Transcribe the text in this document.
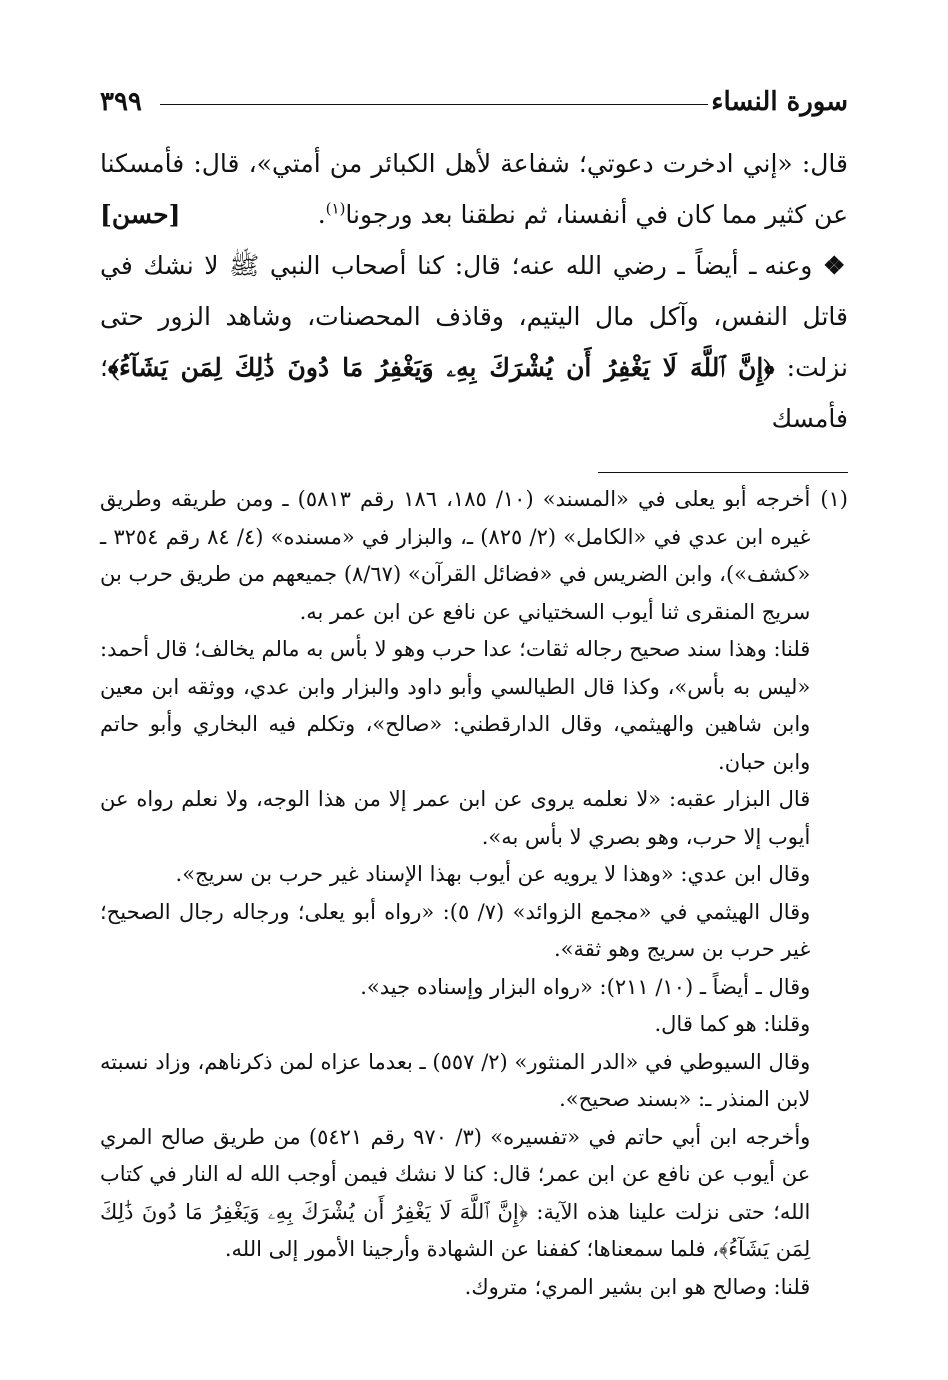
سورة النساء
٣٩٩

قال: «إني ادخرت دعوتي؛ شفاعة لأهل الكبائر من أمتي»، قال: فأمسكنا عن كثير مما كان في أنفسنا، ثم نطقنا بعد ورجونا$^{(١)}$.
[حسن]

❖ وعنه ـ أيضاً ـ رضي الله عنه؛ قال: كنا أصحاب النبي ﷺ لا نشك في قاتل النفس، وآكل مال اليتيم، وقاذف المحصنات، وشاهد الزور حتى نزلت: ﴿إِنَّ ٱللَّهَ لَا يَغْفِرُ أَن يُشْرَكَ بِهِۦ وَيَغْفِرُ مَا دُونَ ذَٰلِكَ لِمَن يَشَآءُ﴾؛ فأمسك

(١)

أخرجه أبو يعلى في «المسند» (١٠/ ١٨٥، ١٨٦ رقم ٥٨١٣) ـ ومن طريقه وطريق غيره ابن عدي في «الكامل» (٢/ ٨٢٥) ـ، والبزار في «مسنده» (٤/ ٨٤ رقم ٣٢٥٤ ـ «كشف»)، وابن الضريس في «فضائل القرآن» (٨/٦٧) جميعهم من طريق حرب بن سريج المنقرى ثنا أيوب السختياني عن نافع عن ابن عمر به.

قلنا: وهذا سند صحيح رجاله ثقات؛ عدا حرب وهو لا بأس به مالم يخالف؛ قال أحمد: «ليس به بأس»، وكذا قال الطيالسي وأبو داود والبزار وابن عدي، ووثقه ابن معين وابن شاهين والهيثمي، وقال الدارقطني: «صالح»، وتكلم فيه البخاري وأبو حاتم وابن حبان.

قال البزار عقبه: «لا نعلمه يروى عن ابن عمر إلا من هذا الوجه، ولا نعلم رواه عن أيوب إلا حرب، وهو بصري لا بأس به».

وقال ابن عدي: «وهذا لا يرويه عن أيوب بهذا الإسناد غير حرب بن سريج».

وقال الهيثمي في «مجمع الزوائد» (٧/ ٥): «رواه أبو يعلى؛ ورجاله رجال الصحيح؛ غير حرب بن سريج وهو ثقة».

وقال ـ أيضاً ـ (١٠/ ٢١١): «رواه البزار وإسناده جيد».

وقلنا: هو كما قال.

وقال السيوطي في «الدر المنثور» (٢/ ٥٥٧) ـ بعدما عزاه لمن ذكرناهم، وزاد نسبته لابن المنذر ـ: «بسند صحيح».

وأخرجه ابن أبي حاتم في «تفسيره» (٣/ ٩٧٠ رقم ٥٤٢١) من طريق صالح المري عن أيوب عن نافع عن ابن عمر؛ قال: كنا لا نشك فيمن أوجب الله له النار في كتاب الله؛ حتى نزلت علينا هذه الآية: ﴿إِنَّ ٱللَّهَ لَا يَغْفِرُ أَن يُشْرَكَ بِهِۦ وَيَغْفِرُ مَا دُونَ ذَٰلِكَ لِمَن يَشَآءُ﴾، فلما سمعناها؛ كففنا عن الشهادة وأرجينا الأمور إلى الله.

قلنا: وصالح هو ابن بشير المري؛ متروك.
